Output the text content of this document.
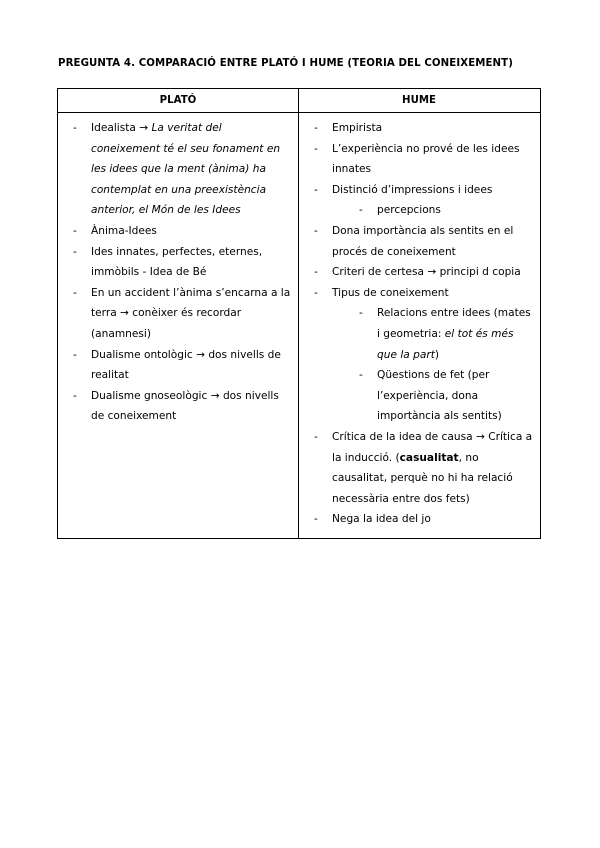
PREGUNTA 4. COMPARACIÓ ENTRE PLATÓ I HUME (TEORIA DEL CONEIXEMENT)
PLATÓ	HUME
- Idealista → La veritat del coneixement té el seu fonament en les idees que la ment (ànima) ha contemplat en una preexistència anterior, el Món de les Idees
- Ànima-Idees
- Ides innates, perfectes, eternes, immòbils - Idea de Bé
- En un accident l’ànima s’encarna a la terra → conèixer és recordar (anamnesi)
- Dualisme ontològic → dos nivells de realitat
- Dualisme gnoseològic → dos nivells de coneixement
- Empirista
- L’experiència no prové de les idees innates
- Distinció d’impressions i idees
- percepcions
- Dona importància als sentits en el procés de coneixement
- Criteri de certesa → principi d copia
- Tipus de coneixement
- Relacions entre idees (mates i geometria: el tot és més que la part)
- Qüestions de fet (per l’experiència, dona importància als sentits)
- Crítica de la idea de causa → Crítica a la inducció. (casualitat, no causalitat, perquè no hi ha relació necessària entre dos fets)
- Nega la idea del jo
